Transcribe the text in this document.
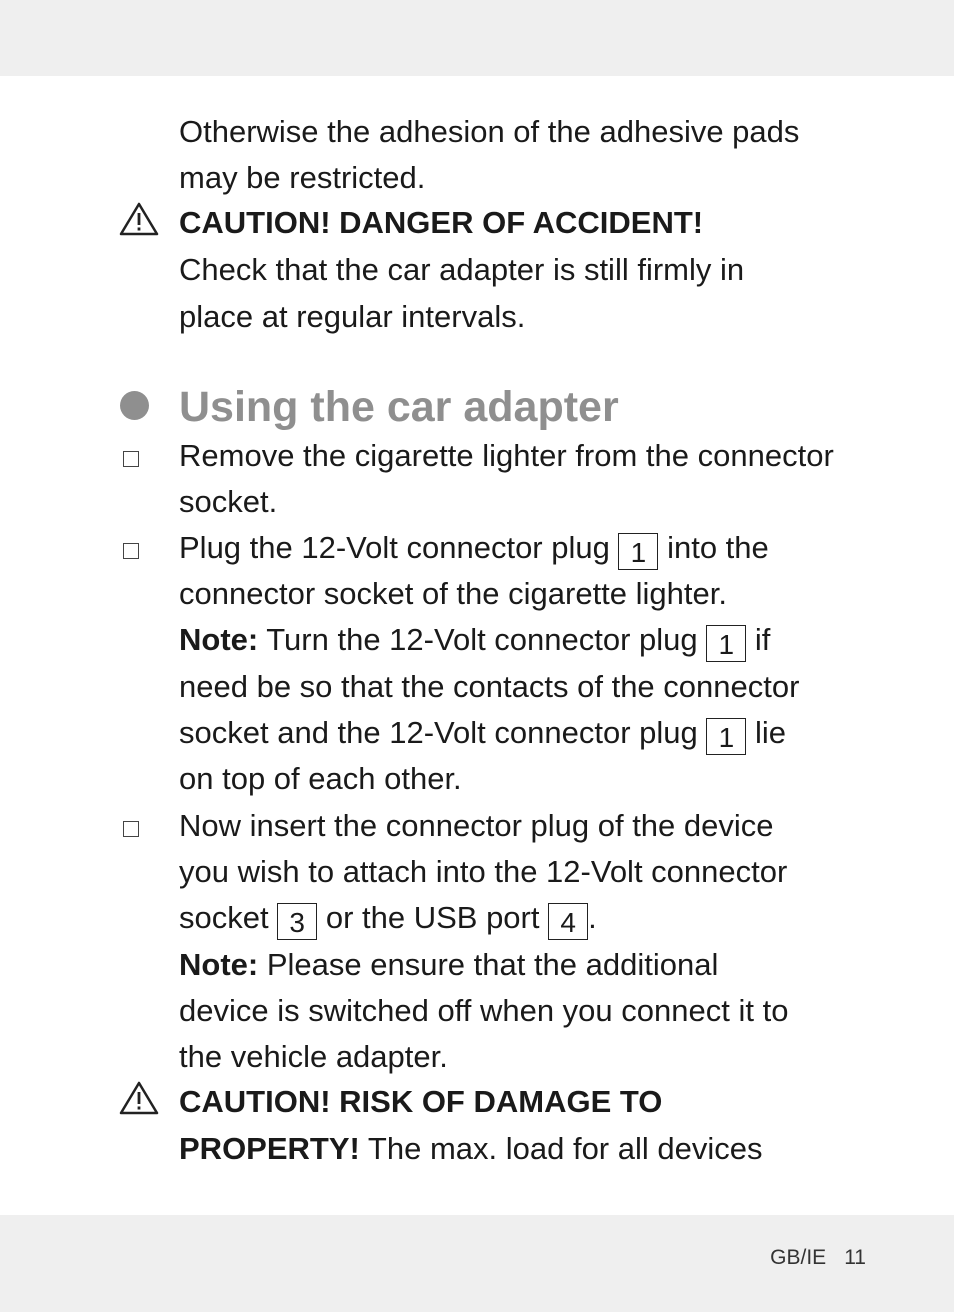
Otherwise the adhesion of the adhesive pads
may be restricted.
CAUTION! DANGER OF ACCIDENT!
Check that the car adapter is still firmly in
place at regular intervals.
Using the car adapter
Remove the cigarette lighter from the connector
socket.
Plug the 12-Volt connector plug 1 into the
connector socket of the cigarette lighter.
Note: Turn the 12-Volt connector plug 1 if
need be so that the contacts of the connector
socket and the 12-Volt connector plug 1 lie
on top of each other.
Now insert the connector plug of the device
you wish to attach into the 12-Volt connector
socket 3 or the USB port 4 .
Note: Please ensure that the additional
device is switched off when you connect it to
the vehicle adapter.
CAUTION! RISK OF DAMAGE TO
PROPERTY! The max. load for all devices
GB/IE 11
